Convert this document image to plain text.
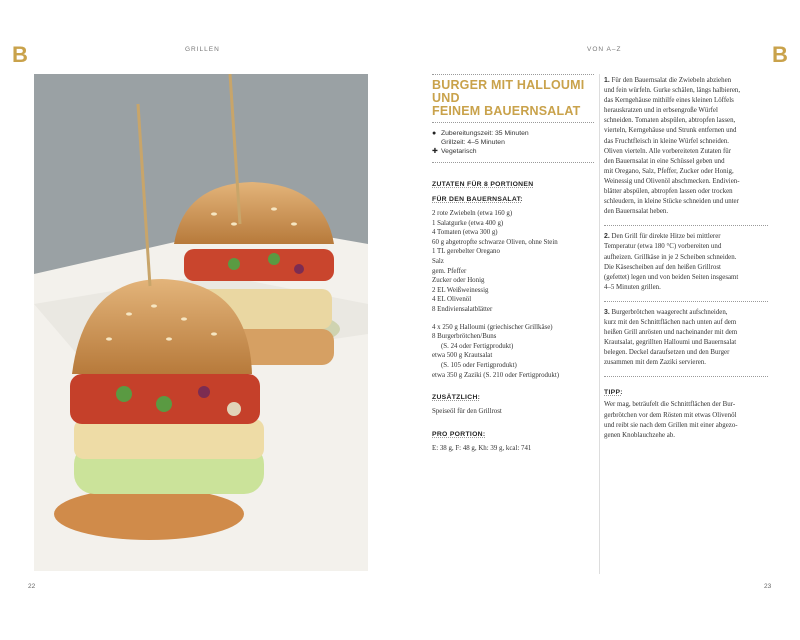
B	GRILLEN	VON A–Z	B
22	23
BURGER MIT HALLOUMI UND
FEINEM BAUERNSALAT
● Zubereitungszeit: 35 Minuten
Grillzeit: 4–5 Minuten
✚ Vegetarisch
ZUTATEN FÜR 8 PORTIONEN
FÜR DEN BAUERNSALAT:
2 rote Zwiebeln (etwa 160 g)
1 Salatgurke (etwa 400 g)
4 Tomaten (etwa 300 g)
60 g abgetropfte schwarze Oliven, ohne Stein
1 TL gerebelter Oregano
Salz
gem. Pfeffer
Zucker oder Honig
2 EL Weißweinessig
4 EL Olivenöl
8 Endiviensalatblätter
4 x 250 g Halloumi (griechischer Grillkäse)
8 Burgerbrötchen/Buns
(S. 24 oder Fertigprodukt)
etwa 500 g Krautsalat
(S. 105 oder Fertigprodukt)
etwa 350 g Zaziki (S. 210 oder Fertigprodukt)
ZUSÄTZLICH:
Speiseöl für den Grillrost
PRO PORTION:
E: 38 g, F: 48 g, Kh: 39 g, kcal: 741
1. Für den Bauernsalat die Zwiebeln abziehen
und fein würfeln. Gurke schälen, längs halbieren,
das Kerngehäuse mithilfe eines kleinen Löffels
herauskratzen und in erbsengroße Würfel
schneiden. Tomaten abspülen, abtropfen lassen,
vierteln, Kerngehäuse und Strunk entfernen und
das Fruchtfleisch in kleine Würfel schneiden.
Oliven vierteln. Alle vorbereiteten Zutaten für
den Bauernsalat in eine Schüssel geben und
mit Oregano, Salz, Pfeffer, Zucker oder Honig,
Weinessig und Olivenöl abschmecken. Endivien-
blätter abspülen, abtropfen lassen oder trocken
schleudern, in kleine Stücke schneiden und unter
den Bauernsalat heben.
2. Den Grill für direkte Hitze bei mittlerer
Temperatur (etwa 180 °C) vorbereiten und
aufheizen. Grillkäse in je 2 Scheiben schneiden.
Die Käsescheiben auf den heißen Grillrost
(gefettet) legen und von beiden Seiten insgesamt
4–5 Minuten grillen.
3. Burgerbrötchen waagerecht aufschneiden,
kurz mit den Schnittflächen nach unten auf dem
heißen Grill anrösten und nacheinander mit dem
Krautsalat, gegrillten Halloumi und Bauernsalat
belegen. Deckel daraufsetzen und den Burger
zusammen mit dem Zaziki servieren.
TIPP:
Wer mag, beträufelt die Schnittflächen der Bur-
gerbrötchen vor dem Rösten mit etwas Olivenöl
und reibt sie nach dem Grillen mit einer abgezo-
genen Knoblauchzehe ab.
